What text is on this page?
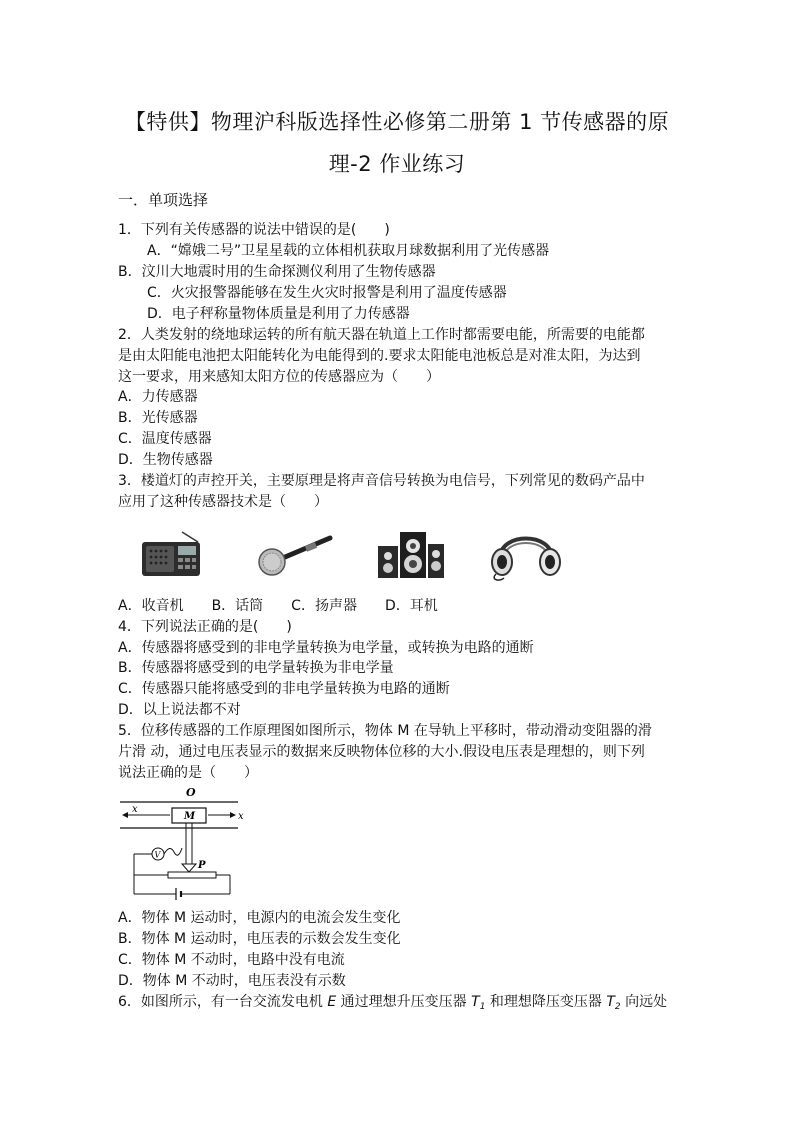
【特供】物理沪科版选择性必修第二册第 1 节传感器的原
理-2 作业练习
一．单项选择
1．下列有关传感器的说法中错误的是(　　)
A．“嫦娥二号”卫星星载的立体相机获取月球数据利用了光传感器
B．汶川大地震时用的生命探测仪利用了生物传感器
C．火灾报警器能够在发生火灾时报警是利用了温度传感器
D．电子秤称量物体质量是利用了力传感器
2．人类发射的绕地球运转的所有航天器在轨道上工作时都需要电能，所需要的电能都
是由太阳能电池把太阳能转化为电能得到的.要求太阳能电池板总是对准太阳，为达到
这一要求，用来感知太阳方位的传感器应为（　　）
A．力传感器
B．光传感器
C．温度传感器
D．生物传感器
3．楼道灯的声控开关，主要原理是将声音信号转换为电信号，下列常见的数码产品中
应用了这种传感器技术是（　　）
A．收音机　　B．话筒　　C．扬声器　　D．耳机
4．下列说法正确的是(　　)
A．传感器将感受到的非电学量转换为电学量，或转换为电路的通断
B．传感器将感受到的电学量转换为非电学量
C．传感器只能将感受到的非电学量转换为电路的通断
D．以上说法都不对
5．位移传感器的工作原理图如图所示，物体 M 在导轨上平移时，带动滑动变阻器的滑
片滑 动，通过电压表显示的数据来反映物体位移的大小.假设电压表是理想的，则下列
说法正确的是（　　）
O
M
x
x
P
V
A．物体 M 运动时，电源内的电流会发生变化
B．物体 M 运动时，电压表的示数会发生变化
C．物体 M 不动时，电路中没有电流
D．物体 M 不动时，电压表没有示数
6．如图所示，有一台交流发电机 E 通过理想升压变压器 $T_1$ 和理想降压变压器 $T_2$ 向远处
